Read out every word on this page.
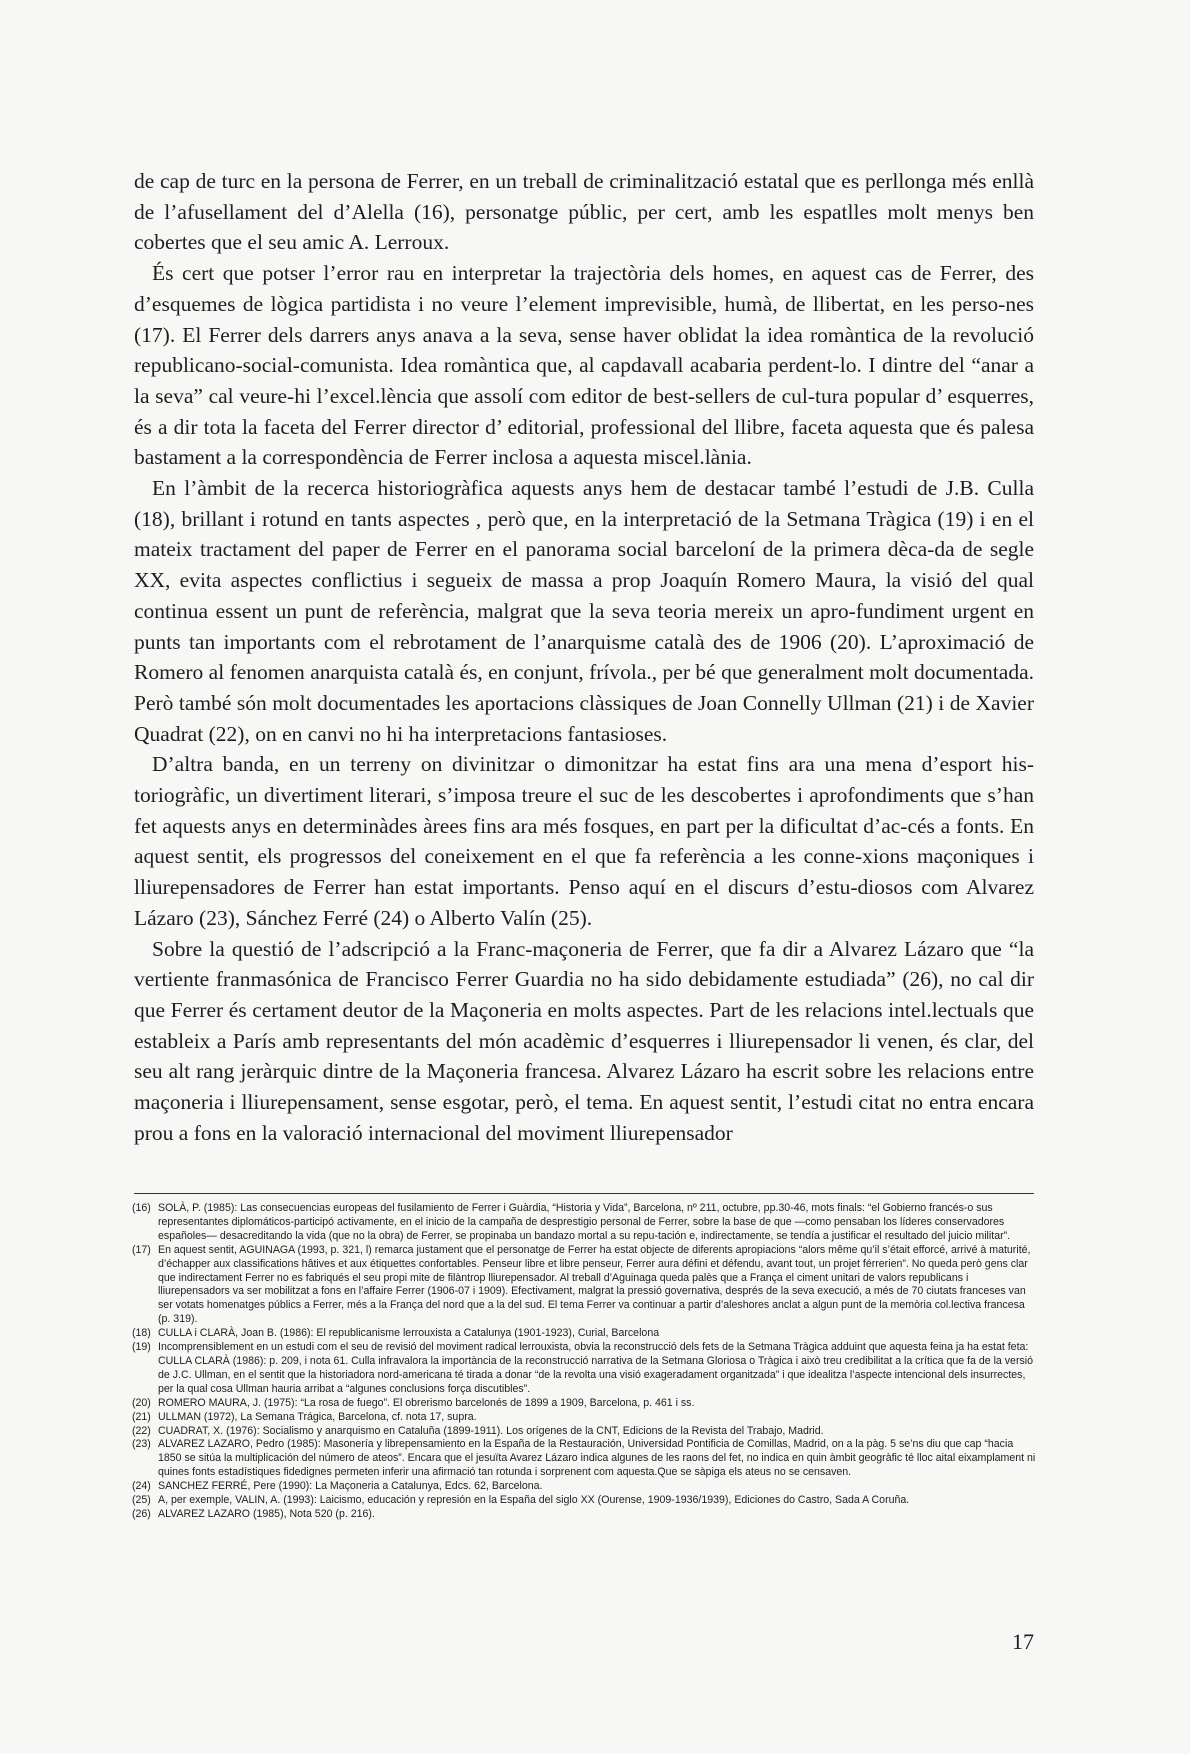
de cap de turc en la persona de Ferrer, en un treball de criminalització estatal que es perllonga més enllà de l’afusellament del d’Alella (16), personatge públic, per cert, amb les espatlles molt menys ben cobertes que el seu amic A. Lerroux.

És cert que potser l’error rau en interpretar la trajectòria dels homes, en aquest cas de Ferrer, des d’esquemes de lògica partidista i no veure l’element imprevisible, humà, de llibertat, en les perso-nes (17). El Ferrer dels darrers anys anava a la seva, sense haver oblidat la idea romàntica de la revolució republicano-social-comunista. Idea romàntica que, al capdavall acabaria perdent-lo. I dintre del “anar a la seva” cal veure-hi l’excel.lència que assolí com editor de best-sellers de cul-tura popular d’ esquerres, és a dir tota la faceta del Ferrer director d’ editorial, professional del llibre, faceta aquesta que és palesa bastament a la correspondència de Ferrer inclosa a aquesta miscel.lània.

En l’àmbit de la recerca historiogràfica aquests anys hem de destacar també l’estudi de J.B. Culla (18), brillant i rotund en tants aspectes , però que, en la interpretació de la Setmana Tràgica (19) i en el mateix tractament del paper de Ferrer en el panorama social barceloní de la primera dèca-da de segle XX, evita aspectes conflictius i segueix de massa a prop Joaquín Romero Maura, la visió del qual continua essent un punt de referència, malgrat que la seva teoria mereix un apro-fundiment urgent en punts tan importants com el rebrotament de l’anarquisme català des de 1906 (20). L’aproximació de Romero al fenomen anarquista català és, en conjunt, frívola., per bé que generalment molt documentada. Però també són molt documentades les aportacions clàssiques de Joan Connelly Ullman (21) i de Xavier Quadrat (22), on en canvi no hi ha interpretacions fantasioses.

D’altra banda, en un terreny on divinitzar o dimonitzar ha estat fins ara una mena d’esport his-toriogràfic, un divertiment literari, s’imposa treure el suc de les descobertes i aprofondiments que s’han fet aquests anys en determinàdes àrees fins ara més fosques, en part per la dificultat d’ac-cés a fonts. En aquest sentit, els progressos del coneixement en el que fa referència a les conne-xions maçoniques i lliurepensadores de Ferrer han estat importants. Penso aquí en el discurs d’estu-diosos com Alvarez Lázaro (23), Sánchez Ferré (24) o Alberto Valín (25).

Sobre la questió de l’adscripció a la Franc-maçoneria de Ferrer, que fa dir a Alvarez Lázaro que “la vertiente franmasónica de Francisco Ferrer Guardia no ha sido debidamente estudiada” (26), no cal dir que Ferrer és certament deutor de la Maçoneria en molts aspectes. Part de les relacions intel.lectuals que estableix a París amb representants del món acadèmic d’esquerres i lliurepensador li venen, és clar, del seu alt rang jeràrquic dintre de la Maçoneria francesa. Alvarez Lázaro ha escrit sobre les relacions entre maçoneria i lliurepensament, sense esgotar, però, el tema. En aquest sentit, l’estudi citat no entra encara prou a fons en la valoració internacional del moviment lliurepensador

(16) SOLÀ, P. (1985): Las consecuencias europeas del fusilamiento de Ferrer i Guàrdia, “Historia y Vida”, Barcelona, nº 211, octubre, pp.30-46, mots finals: “el Gobierno francés-o sus representantes diplomáticos-participó activamente, en el inicio de la campaña de desprestigio personal de Ferrer, sobre la base de que —como pensaban los líderes conservadores españoles— desacreditando la vida (que no la obra) de Ferrer, se propinaba un bandazo mortal a su repu-tación e, indirectamente, se tendía a justificar el resultado del juicio militar”.
(17) En aquest sentit, AGUINAGA (1993, p. 321, l) remarca justament que el personatge de Ferrer ha estat objecte de diferents apropiacions “alors même qu’il s’était efforcé, arrivé à maturité, d’échapper aux classifications hâtives et aux étiquettes confortables. Penseur libre et libre penseur, Ferrer aura défini et défendu, avant tout, un projet férrerien”. No queda però gens clar que indirectament Ferrer no es fabriqués el seu propi mite de filàntrop lliurepensador. Al treball d’Aguinaga queda palès que a França el ciment unitari de valors republicans i lliurepensadors va ser mobilitzat a fons en l’affaire Ferrer (1906-07 i 1909). Efectivament, malgrat la pressió governativa, després de la seva execució, a més de 70 ciutats franceses van ser votats homenatges públics a Ferrer, més a la França del nord que a la del sud. El tema Ferrer va continuar a partir d’aleshores anclat a algun punt de la memòria col.lectiva francesa (p. 319).
(18) CULLA i CLARÀ, Joan B. (1986): El republicanisme lerrouxista a Catalunya (1901-1923), Curial, Barcelona
(19) Incomprensiblement en un estudi com el seu de revisió del moviment radical lerrouxista, obvia la reconstrucció dels fets de la Setmana Tràgica adduint que aquesta feina ja ha estat feta: CULLA CLARÀ (1986): p. 209, i nota 61. Culla infravalora la importància de la reconstrucció narrativa de la Setmana Gloriosa o Tràgica i això treu credibilitat a la crítica que fa de la versió de J.C. Ullman, en el sentit que la historiadora nord-americana té tirada a donar “de la revolta una visió exageradament organitzada” i que idealitza l’aspecte intencional dels insurrectes, per la qual cosa Ullman hauria arribat a “algunes conclusions força discutibles”.
(20) ROMERO MAURA, J. (1975): “La rosa de fuego”. El obrerismo barcelonés de 1899 a 1909, Barcelona, p. 461 i ss.
(21) ULLMAN (1972), La Semana Trágica, Barcelona, cf. nota 17, supra.
(22) CUADRAT, X. (1976): Socialismo y anarquismo en Cataluña (1899-1911). Los orígenes de la CNT, Edicions de la Revista del Trabajo, Madrid.
(23) ALVAREZ LAZARO, Pedro (1985): Masonería y librepensamiento en la España de la Restauración, Universidad Pontificia de Comillas, Madrid, on a la pàg. 5 se’ns diu que cap “hacia 1850 se sitúa la multiplicación del número de ateos”. Encara que el jesuïta Avarez Lázaro indica algunes de les raons del fet, no indica en quin àmbit geogràfic té lloc aital eixamplament ni quines fonts estadístiques fidedignes permeten inferir una afirmació tan rotunda i sorprenent com aquesta.Que se sàpiga els ateus no se censaven.
(24) SANCHEZ FERRÉ, Pere (1990): La Maçoneria a Catalunya, Edcs. 62, Barcelona.
(25) A, per exemple, VALIN, A. (1993): Laicismo, educación y represión en la España del siglo XX (Ourense, 1909-1936/1939), Ediciones do Castro, Sada A Coruña.
(26) ALVAREZ LAZARO (1985), Nota 520 (p. 216).
17
